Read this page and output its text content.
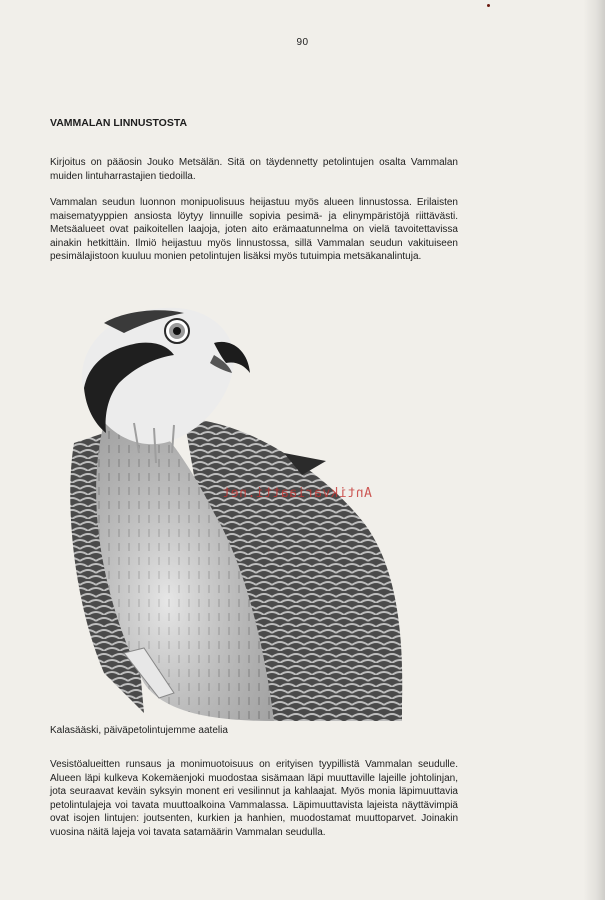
90
VAMMALAN LINNUSTOSTA
Kirjoitus on pääosin Jouko Metsälän. Sitä on täydennetty petolintujen osalta Vammalan muiden lintuharrastajien tiedoilla.
Vammalan seudun luonnon monipuolisuus heijastuu myös alueen linnustossa. Erilaisten maisematyyppien ansiosta löytyy linnuille sopivia pesimä- ja elinympäristöjä riittävästi. Metsäalueet ovat paikoitellen laajoja, joten aito erämaatunnelma on vielä tavoitettavissa ainakin hetkittäin. Ilmiö heijastuu myös linnustossa, sillä Vammalan seudun vakituiseen pesimälajistoon kuuluu monien petolintujen lisäksi myös tutuimpia metsäkanalintuja.
Antikvariaatti.net
Kalasääski, päiväpetolintujemme aatelia
Vesistöalueitten runsaus ja monimuotoisuus on erityisen tyypillistä Vammalan seudulle. Alueen läpi kulkeva Kokemäenjoki muodostaa sisämaan läpi muuttaville lajeille johtolinjan, jota seuraavat keväin syksyin monent eri vesilinnut ja kahlaajat. Myös monia läpimuuttavia petolintulajeja voi tavata muuttoalkoina Vammalassa. Läpimuuttavista lajeista näyttävimpiä ovat isojen lintujen: joutsenten, kurkien ja hanhien, muodostamat muuttoparvet. Joinakin vuosina näitä lajeja voi tavata satamäärin Vammalan seudulla.
